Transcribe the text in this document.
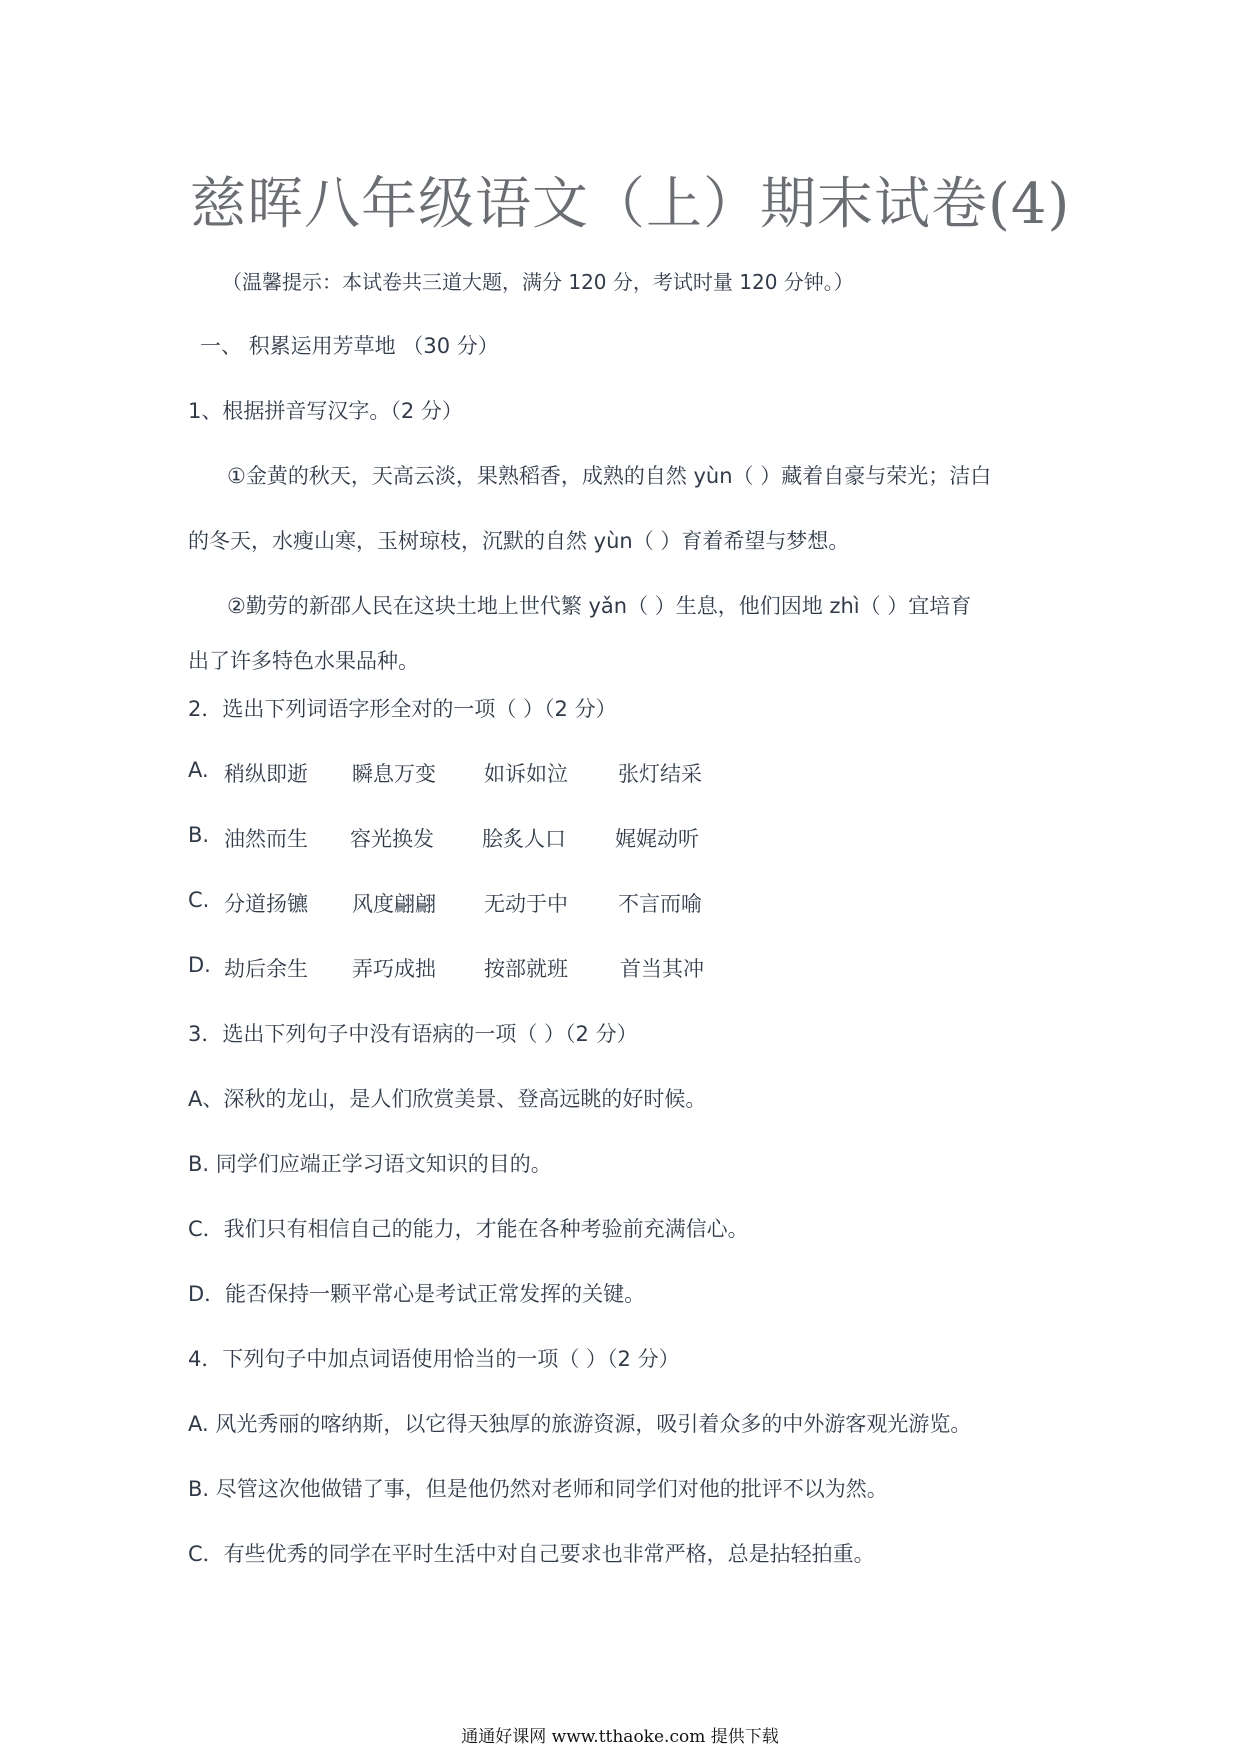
慈晖八年级语文（上）期末试卷(4)
（温馨提示：本试卷共三道大题，满分 120 分，考试时量 120 分钟。）
一、 积累运用芳草地 （30 分）
1、根据拼音写汉字。（2 分）
①金黄的秋天，天高云淡，果熟稻香，成熟的自然 yùn（ ）藏着自豪与荣光；洁白
的冬天，水瘦山寒，玉树琼枝，沉默的自然 yùn（ ）育着希望与梦想。
②勤劳的新邵人民在这块土地上世代繁 yǎn（ ）生息，他们因地 zhì（ ）宜培育
出了许多特色水果品种。
2．选出下列词语字形全对的一项（ ）（2 分）
A. 稍纵即逝 瞬息万变 如诉如泣 张灯结采
B. 油然而生 容光换发 脍炙人口 娓娓动听
C. 分道扬镳 风度翩翩 无动于中 不言而喻
D. 劫后余生 弄巧成拙 按部就班 首当其冲
3．选出下列句子中没有语病的一项（ ）（2 分）
A、深秋的龙山，是人们欣赏美景、登高远眺的好时候。
B. 同学们应端正学习语文知识的目的。
C．我们只有相信自己的能力，才能在各种考验前充满信心。
D．能否保持一颗平常心是考试正常发挥的关键。
4．下列句子中加点词语使用恰当的一项（ ）（2 分）
A. 风光秀丽的喀纳斯，以它得天独厚的旅游资源，吸引着众多的中外游客观光游览。
B. 尽管这次他做错了事，但是他仍然对老师和同学们对他的批评不以为然。
C．有些优秀的同学在平时生活中对自己要求也非常严格，总是拈轻拍重。
通通好课网 www.tthaoke.com 提供下载
